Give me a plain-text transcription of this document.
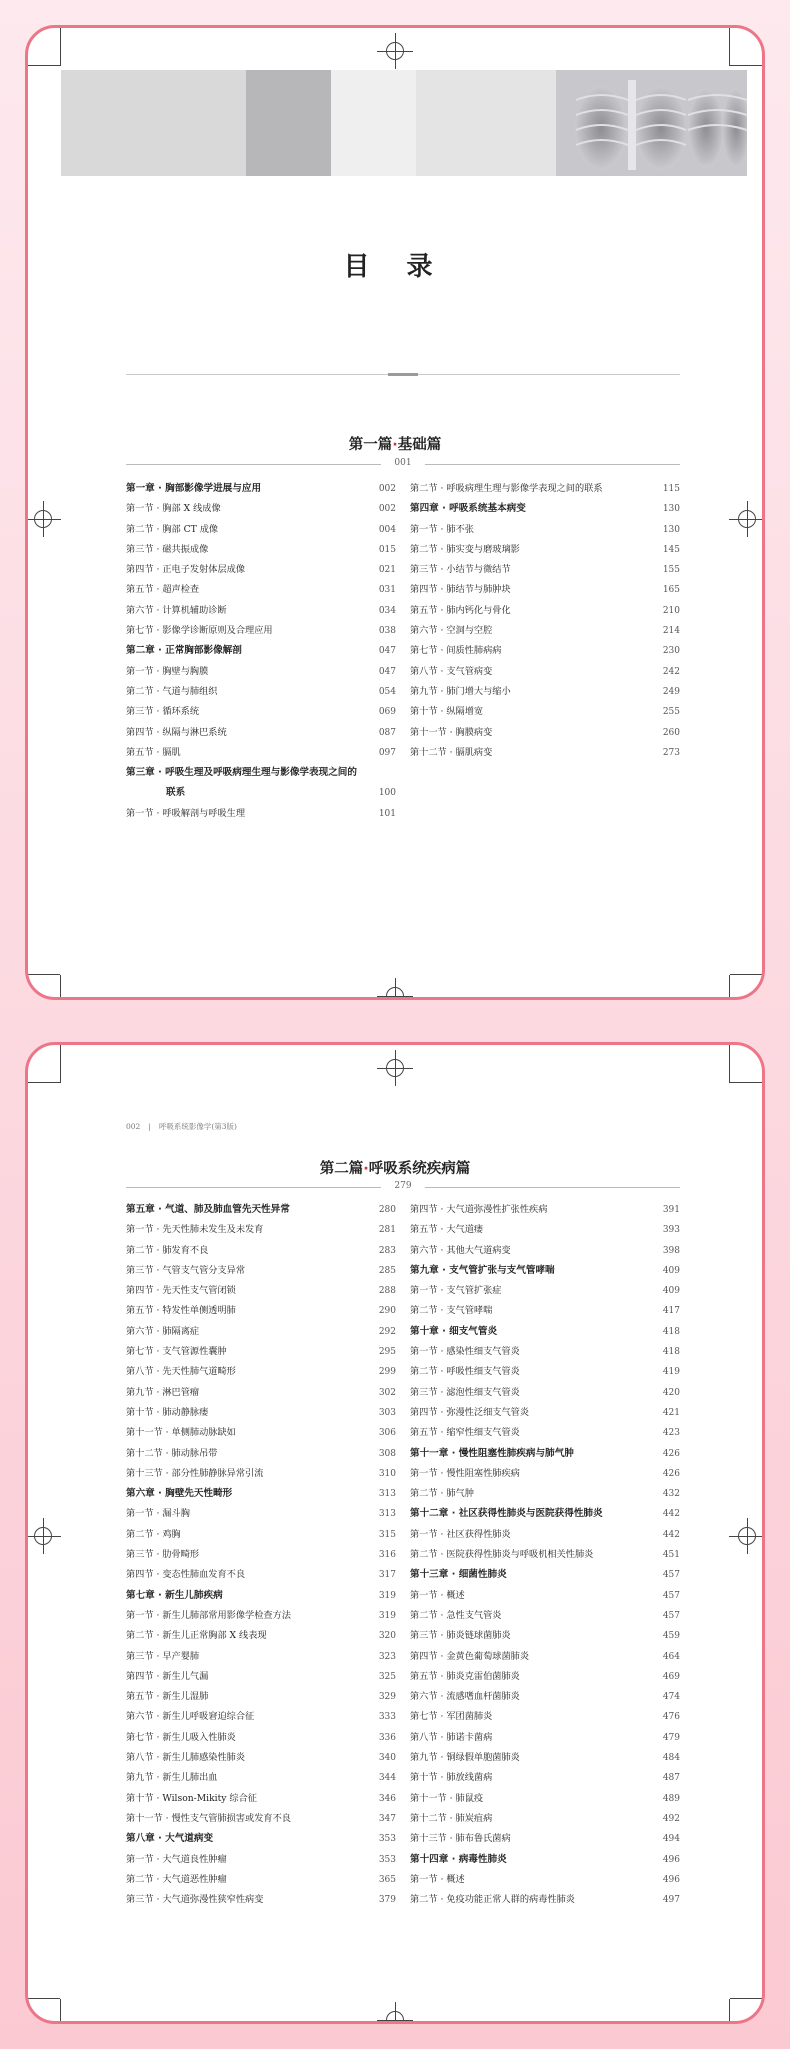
目 录
第一篇·基础篇
001
第一章 · 胸部影像学进展与应用	002
第一节 · 胸部 X 线成像	002
第二节 · 胸部 CT 成像	004
第三节 · 磁共振成像	015
第四节 · 正电子发射体层成像	021
第五节 · 超声检查	031
第六节 · 计算机辅助诊断	034
第七节 · 影像学诊断原则及合理应用	038
第二章 · 正常胸部影像解剖	047
第一节 · 胸壁与胸膜	047
第二节 · 气道与肺组织	054
第三节 · 循环系统	069
第四节 · 纵隔与淋巴系统	087
第五节 · 膈肌	097
第三章 · 呼吸生理及呼吸病理生理与影像学表现之间的
联系	100
第一节 · 呼吸解剖与呼吸生理	101
第二节 · 呼吸病理生理与影像学表现之间的联系	115
第四章 · 呼吸系统基本病变	130
第一节 · 肺不张	130
第二节 · 肺实变与磨玻璃影	145
第三节 · 小结节与微结节	155
第四节 · 肺结节与肺肿块	165
第五节 · 肺内钙化与骨化	210
第六节 · 空洞与空腔	214
第七节 · 间质性肺病病	230
第八节 · 支气管病变	242
第九节 · 肺门增大与缩小	249
第十节 · 纵隔增宽	255
第十一节 · 胸膜病变	260
第十二节 · 膈肌病变	273
002 | 呼吸系统影像学(第3版)
第二篇·呼吸系统疾病篇
279
第五章 · 气道、肺及肺血管先天性异常	280
第一节 · 先天性肺未发生及未发育	281
第二节 · 肺发育不良	283
第三节 · 气管支气管分支异常	285
第四节 · 先天性支气管闭锁	288
第五节 · 特发性单侧透明肺	290
第六节 · 肺隔离症	292
第七节 · 支气管源性囊肿	295
第八节 · 先天性肺气道畸形	299
第九节 · 淋巴管瘤	302
第十节 · 肺动静脉瘘	303
第十一节 · 单侧肺动脉缺如	306
第十二节 · 肺动脉吊带	308
第十三节 · 部分性肺静脉异常引流	310
第六章 · 胸壁先天性畸形	313
第一节 · 漏斗胸	313
第二节 · 鸡胸	315
第三节 · 肋骨畸形	316
第四节 · 变态性肺血发育不良	317
第七章 · 新生儿肺疾病	319
第一节 · 新生儿肺部常用影像学检查方法	319
第二节 · 新生儿正常胸部 X 线表现	320
第三节 · 早产婴肺	323
第四节 · 新生儿气漏	325
第五节 · 新生儿湿肺	329
第六节 · 新生儿呼吸窘迫综合征	333
第七节 · 新生儿吸入性肺炎	336
第八节 · 新生儿肺感染性肺炎	340
第九节 · 新生儿肺出血	344
第十节 · Wilson-Mikity 综合征	346
第十一节 · 慢性支气管肺损害或发育不良	347
第八章 · 大气道病变	353
第一节 · 大气道良性肿瘤	353
第二节 · 大气道恶性肿瘤	365
第三节 · 大气道弥漫性狭窄性病变	379
第四节 · 大气道弥漫性扩张性疾病	391
第五节 · 大气道瘘	393
第六节 · 其他大气道病变	398
第九章 · 支气管扩张与支气管哮喘	409
第一节 · 支气管扩张症	409
第二节 · 支气管哮喘	417
第十章 · 细支气管炎	418
第一节 · 感染性细支气管炎	418
第二节 · 呼吸性细支气管炎	419
第三节 · 滤泡性细支气管炎	420
第四节 · 弥漫性泛细支气管炎	421
第五节 · 缩窄性细支气管炎	423
第十一章 · 慢性阻塞性肺疾病与肺气肿	426
第一节 · 慢性阻塞性肺疾病	426
第二节 · 肺气肿	432
第十二章 · 社区获得性肺炎与医院获得性肺炎	442
第一节 · 社区获得性肺炎	442
第二节 · 医院获得性肺炎与呼吸机相关性肺炎	451
第十三章 · 细菌性肺炎	457
第一节 · 概述	457
第二节 · 急性支气管炎	457
第三节 · 肺炎链球菌肺炎	459
第四节 · 金黄色葡萄球菌肺炎	464
第五节 · 肺炎克雷伯菌肺炎	469
第六节 · 流感嗜血杆菌肺炎	474
第七节 · 军团菌肺炎	476
第八节 · 肺诺卡菌病	479
第九节 · 铜绿假单胞菌肺炎	484
第十节 · 肺放线菌病	487
第十一节 · 肺鼠疫	489
第十二节 · 肺炭疽病	492
第十三节 · 肺布鲁氏菌病	494
第十四章 · 病毒性肺炎	496
第一节 · 概述	496
第二节 · 免疫功能正常人群的病毒性肺炎	497
